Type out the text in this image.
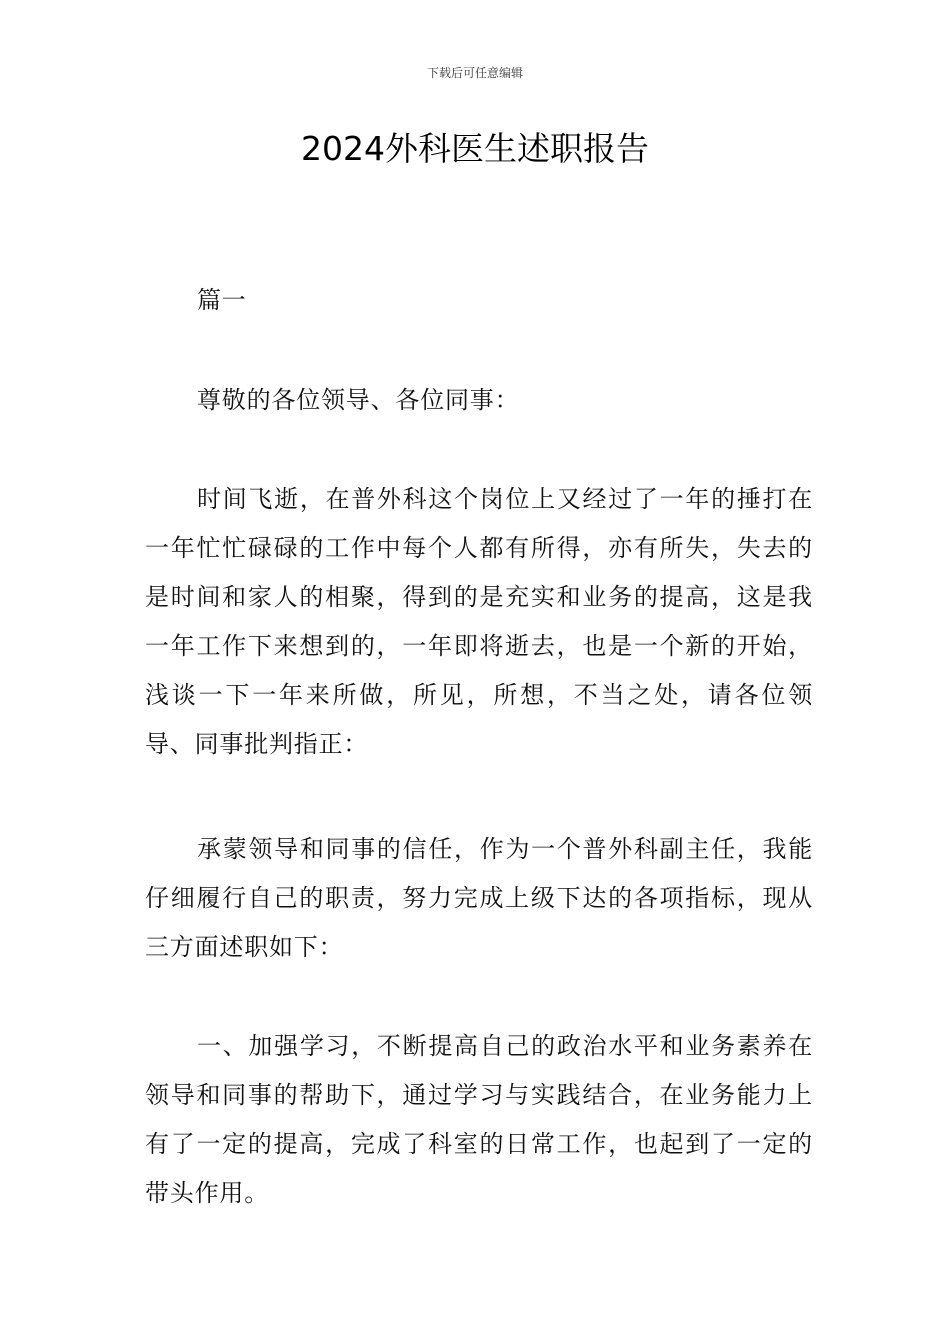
下载后可任意编辑
2024外科医生述职报告

篇一

尊敬的各位领导、各位同事：

时间飞逝，在普外科这个岗位上又经过了一年的捶打在一年忙忙碌碌的工作中每个人都有所得，亦有所失，失去的是时间和家人的相聚，得到的是充实和业务的提高，这是我一年工作下来想到的，一年即将逝去，也是一个新的开始，浅谈一下一年来所做，所见，所想，不当之处，请各位领导、同事批判指正：

承蒙领导和同事的信任，作为一个普外科副主任，我能仔细履行自己的职责，努力完成上级下达的各项指标，现从三方面述职如下：

一、加强学习，不断提高自己的政治水平和业务素养在领导和同事的帮助下，通过学习与实践结合，在业务能力上有了一定的提高，完成了科室的日常工作，也起到了一定的带头作用。
